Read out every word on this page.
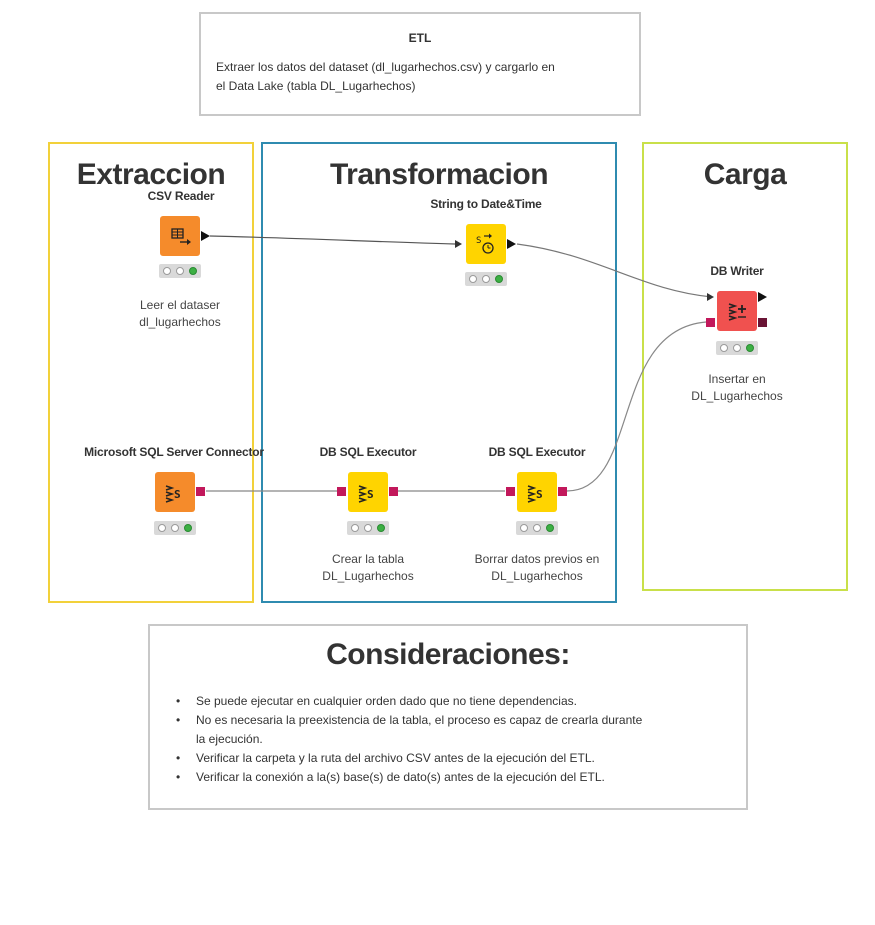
ETL
Extraer los datos del dataset (dl_lugarhechos.csv) y cargarlo en
el Data Lake (tabla DL_Lugarhechos)
Extraccion	Transformacion	Carga
CSV Reader
Leer el dataser
dl_lugarhechos
String to Date&Time
S
DB Writer
Insertar en
DL_Lugarhechos
Microsoft SQL Server Connector
S
DB SQL Executor
S
Crear la tabla
DL_Lugarhechos
DB SQL Executor
S
Borrar datos previos en
DL_Lugarhechos
Consideraciones:
• Se puede ejecutar en cualquier orden dado que no tiene dependencias.
• No es necesaria la preexistencia de la tabla, el proceso es capaz de crearla durante
la ejecución.
• Verificar la carpeta y la ruta del archivo CSV antes de la ejecución del ETL.
• Verificar la conexión a la(s) base(s) de dato(s) antes de la ejecución del ETL.
